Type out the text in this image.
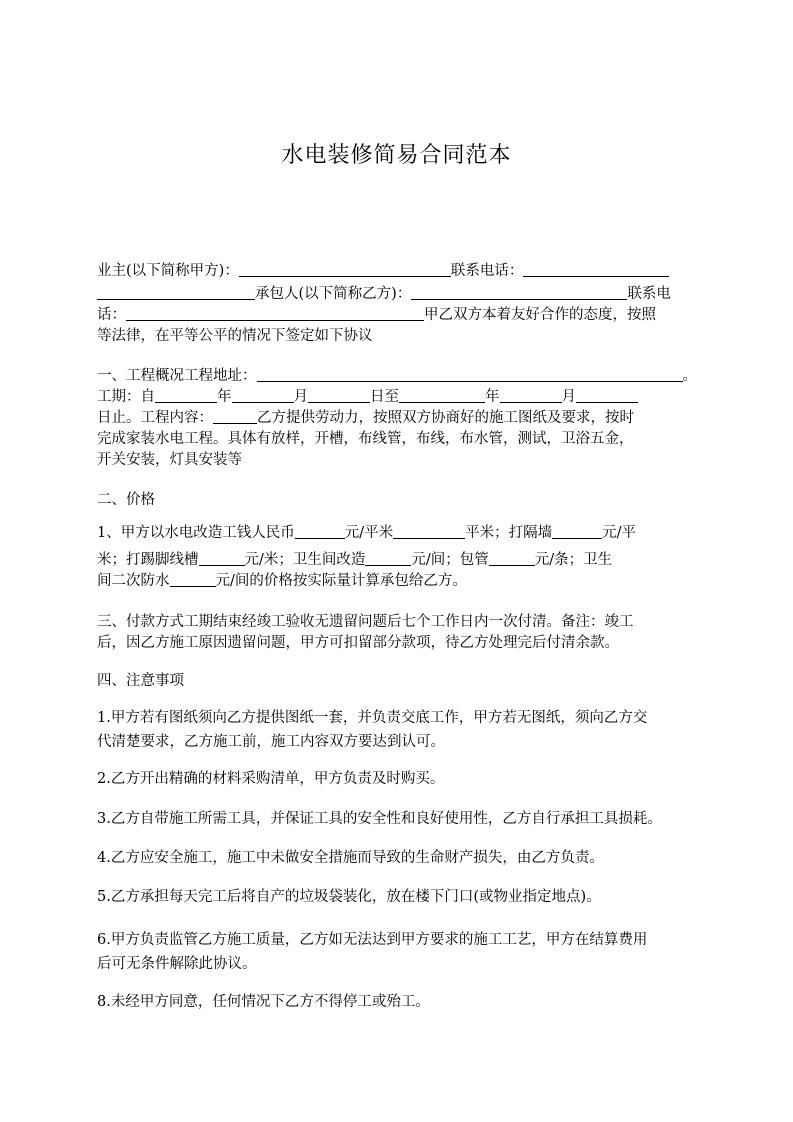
水电装修简易合同范本
业主(以下简称甲方)：	联系电话：
承包人(以下简称乙方)：	联系电
话：	甲乙双方本着友好合作的态度，按照
等法律，在平等公平的情况下签定如下协议
一、工程概况工程地址：	。
工期：自	年	月	日至	年	月
日止。工程内容：	乙方提供劳动力，按照双方协商好的施工图纸及要求，按时
完成家装水电工程。具体有放样，开槽，布线管，布线，布水管，测试，卫浴五金，
开关安装，灯具安装等
二、价格
1、甲方以水电改造工钱人民币	元/平米	平米；打隔墙	元/平
米；打踢脚线槽	元/米；卫生间改造	元/间；包管	元/条；卫生
间二次防水	元/间的价格按实际量计算承包给乙方。
三、付款方式工期结束经竣工验收无遗留问题后七个工作日内一次付清。备注：竣工
后，因乙方施工原因遗留问题，甲方可扣留部分款项，待乙方处理完后付清余款。
四、注意事项
1.甲方若有图纸须向乙方提供图纸一套，并负责交底工作，甲方若无图纸，须向乙方交
代清楚要求，乙方施工前，施工内容双方要达到认可。
2.乙方开出精确的材料采购清单，甲方负责及时购买。
3.乙方自带施工所需工具，并保证工具的安全性和良好使用性，乙方自行承担工具损耗。
4.乙方应安全施工，施工中未做安全措施而导致的生命财产损失，由乙方负责。
5.乙方承担每天完工后将自产的垃圾袋装化，放在楼下门口(或物业指定地点)。
6.甲方负责监管乙方施工质量，乙方如无法达到甲方要求的施工工艺，甲方在结算费用
后可无条件解除此协议。
8.未经甲方同意，任何情况下乙方不得停工或殆工。
